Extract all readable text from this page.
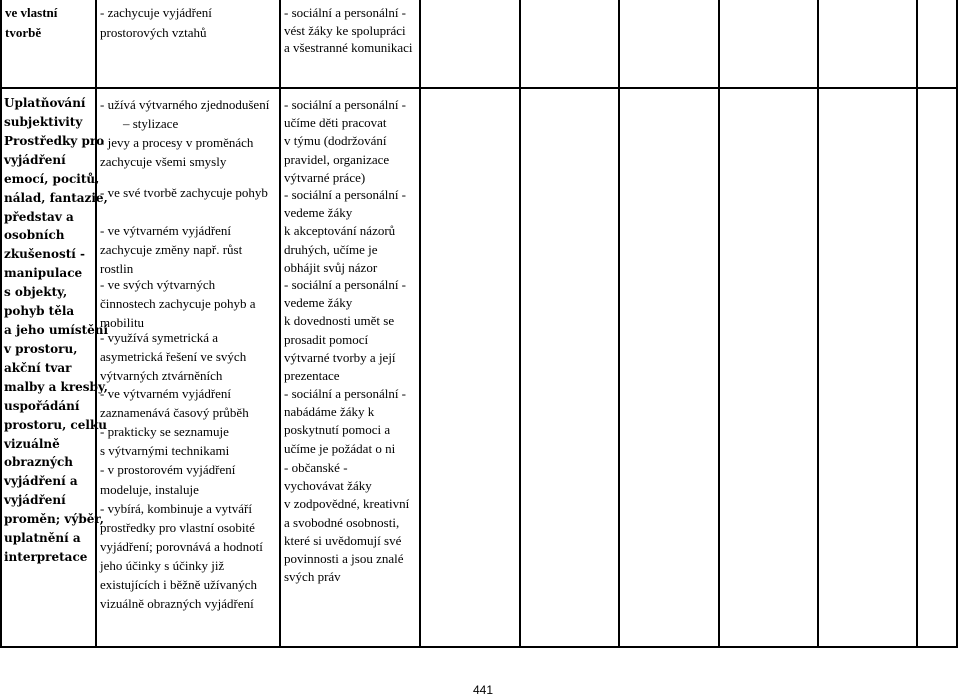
ve vlastní
tvorbě
- zachycuje vyjádření
prostorových vztahů
- sociální a personální -
vést žáky ke spolupráci
a všestranné komunikaci
Uplatňování
subjektivity
Prostředky pro
vyjádření
emocí, pocitů,
nálad, fantazie,
představ a
osobních
zkušeností -
manipulace
s objekty,
pohyb těla
a jeho umístění
v prostoru,
akční tvar
malby a kresby,
uspořádání
prostoru, celku
vizuálně
obrazných
vyjádření a
vyjádření
proměn; výběr,
uplatnění a
interpretace
- užívá výtvarného zjednodušení
– stylizace
- jevy a procesy v proměnách
zachycuje všemi smysly
- ve své tvorbě zachycuje pohyb
- ve výtvarném vyjádření
zachycuje změny např. růst
rostlin
- ve svých výtvarných
činnostech zachycuje pohyb a
mobilitu
- využívá symetrická a
asymetrická řešení ve svých
výtvarných ztvárněních
- ve výtvarném vyjádření
zaznamenává časový průběh
- prakticky se seznamuje
s výtvarnými technikami
- v prostorovém vyjádření
modeluje, instaluje
- vybírá, kombinuje a vytváří
prostředky pro vlastní osobité
vyjádření; porovnává a hodnotí
jeho účinky s účinky již
existujících i běžně užívaných
vizuálně obrazných vyjádření
- sociální a personální -
učíme děti pracovat
v týmu (dodržování
pravidel, organizace
výtvarné práce)
- sociální a personální -
vedeme žáky
k akceptování názorů
druhých, učíme je
obhájit svůj názor
- sociální a personální -
vedeme žáky
k dovednosti umět se
prosadit pomocí
výtvarné tvorby a její
prezentace
- sociální a personální -
nabádáme žáky k
poskytnutí pomoci a
učíme je požádat o ni
- občanské -
vychovávat žáky
v zodpovědné, kreativní
a svobodné osobnosti,
které si uvědomují své
povinnosti a jsou znalé
svých práv
441
